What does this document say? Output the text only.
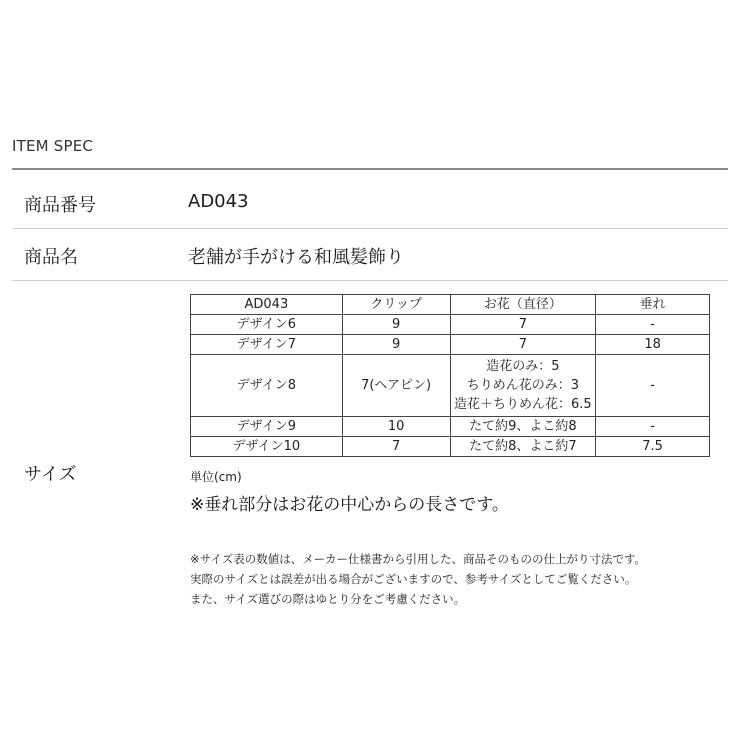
ITEM SPEC
商品番号	AD043
商品名	老舗が手がける和風髪飾り
サイズ
AD043	クリップ	お花（直径）	垂れ
デザイン6	9	7	-
デザイン7	9	7	18
デザイン8	7(ヘアピン)	造花のみ：5
ちりめん花のみ：3
造花＋ちりめん花：6.5	-
デザイン9	10	たて約9、よこ約8	-
デザイン10	7	たて約8、よこ約7	7.5
単位(cm)
※垂れ部分はお花の中心からの長さです。
※サイズ表の数値は、メーカー仕様書から引用した、商品そのものの仕上がり寸法です。
実際のサイズとは誤差が出る場合がございますので、参考サイズとしてご覧ください。
また、サイズ選びの際はゆとり分をご考慮ください。
